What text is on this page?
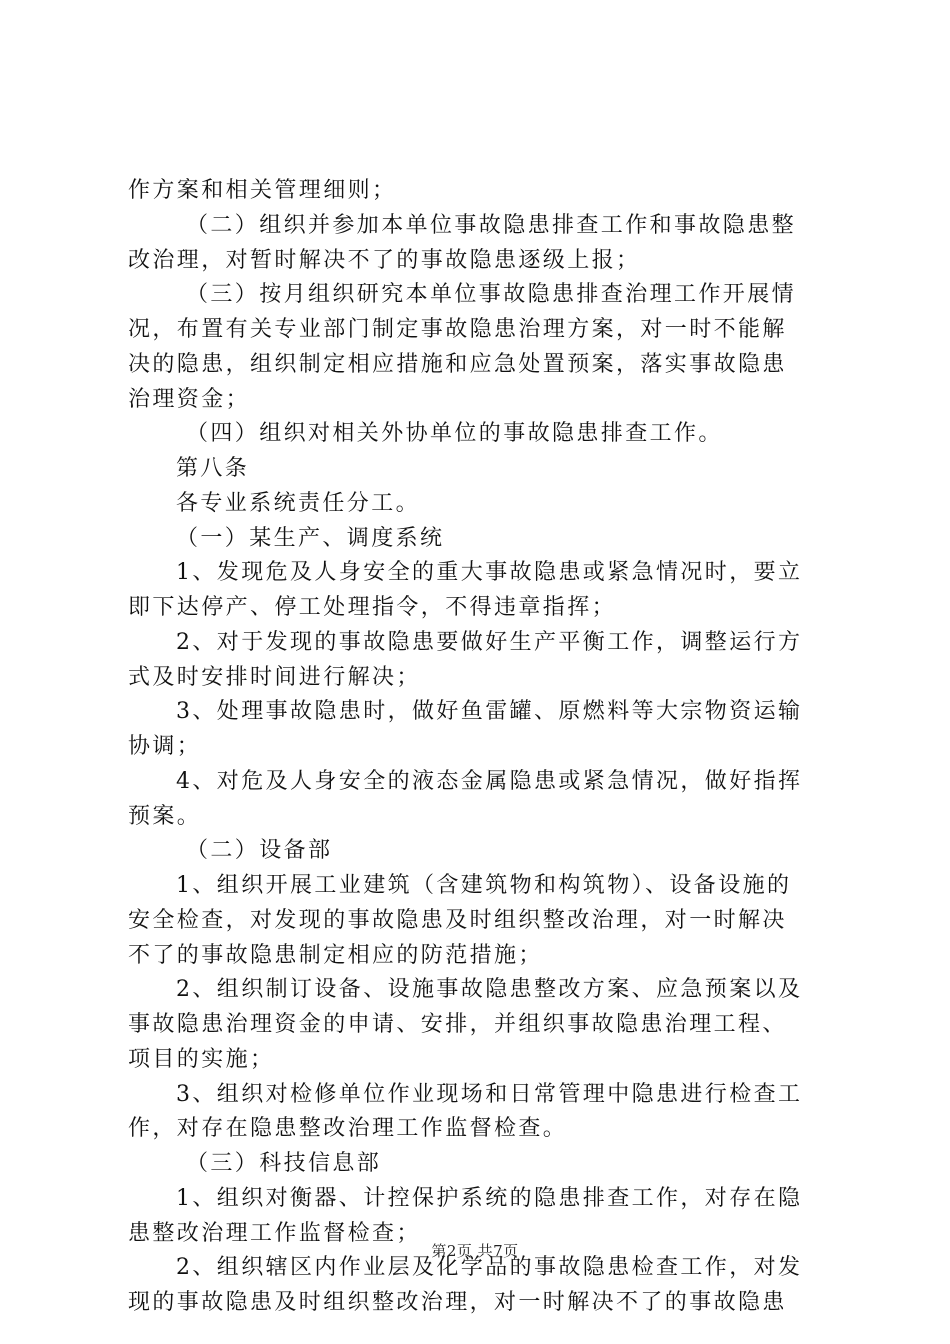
作方案和相关管理细则；
（二）组织并参加本单位事故隐患排查工作和事故隐患整
改治理，对暂时解决不了的事故隐患逐级上报；
（三）按月组织研究本单位事故隐患排查治理工作开展情
况，布置有关专业部门制定事故隐患治理方案，对一时不能解
决的隐患，组织制定相应措施和应急处置预案，落实事故隐患
治理资金；
（四）组织对相关外协单位的事故隐患排查工作。
第八条
各专业系统责任分工。
（一）某生产、调度系统
1、发现危及人身安全的重大事故隐患或紧急情况时，要立
即下达停产、停工处理指令，不得违章指挥；
2、对于发现的事故隐患要做好生产平衡工作，调整运行方
式及时安排时间进行解决；
3、处理事故隐患时，做好鱼雷罐、原燃料等大宗物资运输
协调；
4、对危及人身安全的液态金属隐患或紧急情况，做好指挥
预案。
（二）设备部
1、组织开展工业建筑（含建筑物和构筑物）、设备设施的
安全检查，对发现的事故隐患及时组织整改治理，对一时解决
不了的事故隐患制定相应的防范措施；
2、组织制订设备、设施事故隐患整改方案、应急预案以及
事故隐患治理资金的申请、安排，并组织事故隐患治理工程、
项目的实施；
3、组织对检修单位作业现场和日常管理中隐患进行检查工
作，对存在隐患整改治理工作监督检查。
（三）科技信息部
1、组织对衡器、计控保护系统的隐患排查工作，对存在隐
患整改治理工作监督检查；
2、组织辖区内作业层及化学品的事故隐患检查工作，对发
现的事故隐患及时组织整改治理，对一时解决不了的事故隐患
第2页 共7页
